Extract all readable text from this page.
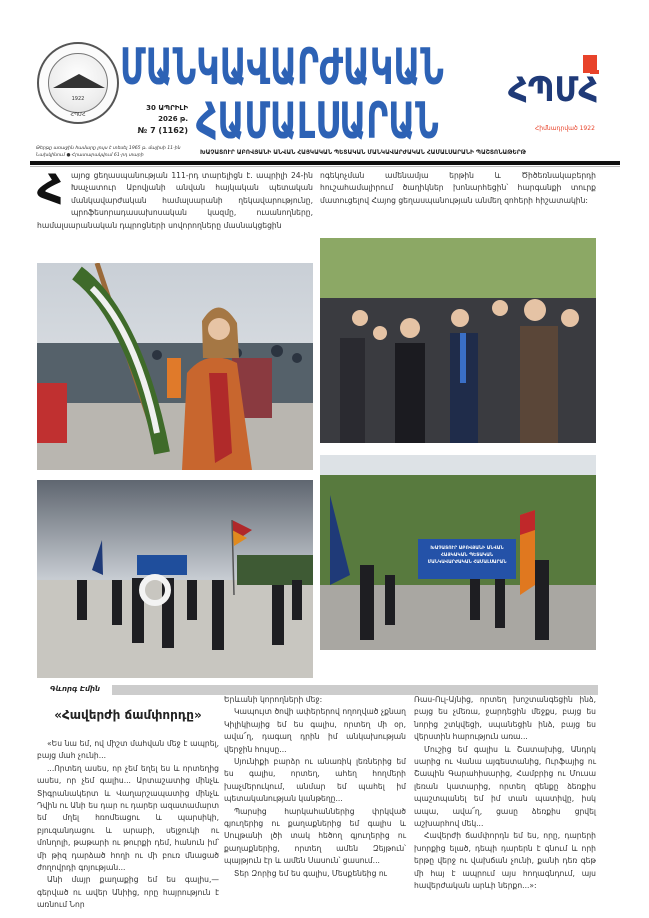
1922
ՀՊՄՀ
ՄԱՆԿԱՎԱՐԺԱԿԱՆ
ՀԱՄԱԼՍԱՐԱՆ
30 ԱՊՐԻԼԻ
2026 թ.
№ 7 (1162)
Թերթը առաջին համարը լույս է տեսել 1965 թ. մայիսի 11-ին
Նախկինում ● Հրատարակվում 61-րդ տարի
ՀՊՄՀ
Հիմնադրված 1922
ԽԱՉԱՏՈՒՐ ԱԲՈՎՅԱՆԻ ԱՆՎԱՆ ՀԱՅԿԱԿԱՆ ՊԵՏԱԿԱՆ ՄԱՆԿԱՎԱՐԺԱԿԱՆ ՀԱՄԱԼՍԱՐԱՆԻ ՊԱՇՏՈՆԱԹԵՐԹ
Հ	այոց ցեղասպանության 111-րդ տարելիցն է. ապրիլի 24-ին Խաչատուր Աբովյանի անվան հայկական պետական մանկավարժական համալսարանի ղեկավարությունը, պրոֆեսորադասախոսական կազմը, ուսանողները, համալսարանական դպրոցների սովորողները մասնակցեցին
ոգեկոչման ամենամյա երթին և Ծիծեռնակաբերդի հուշահամալիրում ծաղիկներ խոնարհեցին՝ հարգանքի տուրք մատուցելով Հայոց ցեղասպանության անմեղ զոհերի հիշատակին:
ԽԱՉԱՏՈՒՐ ԱԲՈՎՅԱՆԻ ԱՆՎԱՆ ՀԱՅԿԱԿԱՆ ՊԵՏԱԿԱՆ ՄԱՆԿԱՎԱՐԺԱԿԱՆ ՀԱՄԱԼՍԱՐԱՆ
Գևորգ Էմին
«Հավերժի ճամփորդը»

«Ես նա եմ, ով միշտ մահվան մեջ է ապրել, բայց մահ չունի...

...Որտեղ ասես, որ չեմ եղել ես և որտեղից ասես, որ չեմ գալիս... Արտաշատից մինչև Տիգրանակերտ և Վաղարշապատից մինչև Դվին ու Անի ես դար ու դարեր ազատամարտ եմ մղել հռոմեացու և պարսիկի, բյուզանդացու և արաբի, սելջուկի ու մոնղոլի, թաթարի ու թուրքի դեմ, հանուն իմ՝ մի թիզ դարձած հողի ու մի բուռ մնացած ժողովրդի գոյության...

Անի մայր քաղաքից եմ ես գալիս,— գերված ու ավեր Անիից, որը հայրություն է առնում Նոր

Երևանի կորողների մեջ:

Կապույտ ծովի ափերերով ողողված չքնաղ Կիլիկիայից եմ ես գալիս, որտեղ մի օր, ավա՜ղ, դագաղ դրին իմ անկախության վերջին հույսը...

Սյունիքի բարձր ու անառիկ լեռներից եմ ես գալիս, որտեղ, ահեղ հողմերի խաչմերուկում, անմար եմ պահել իմ պետականության կանթեղը...

Պարսից հարկահաններից փրկված գյուղերից ու քաղաքներից եմ գալիս և Սուլթանի լծի տակ հեծող գյուղերից ու քաղաքներից, որտեղ ամեն Զեյթուն՝ պայթյուն էր և ամեն Սասուն՝ ցասում...

Տեր Զորից եմ ես գալիս, Մեսքենեից ու

Ռաս-Ուլ-Այնից, որտեղ խոշտանգեցին ինձ, բայց ես չմեռա, ջարդեցին մեջքս, բայց ես նորից շտկվեցի, սպանեցին ինձ, բայց ես վերստին հարություն առա...

Մուշից եմ գալիս և Շատախից, Անդրկ սարից ու Վանա այգեստանից, Ուրֆայից ու Շապին Գարահիսարից, Համբրից ու Մուսա լեռան կատարից, որտեղ զենքը ձեռքիս պաշտպանել եմ իմ տան պատիվը, իսկ ապա, ավա՜ղ, ցասը ձեռքիս ցրվել աշխարհով մեկ...

Հավերժի ճամփորդն եմ ես, որը, դարերի խորքից ելած, դեպի դարերն է գնում և որի երթը վերջ ու վախճան չունի, քանի դեռ գեթ մի հայ է ապրում այս հողագնդում, այս հավերժական արևի ներքո...»:
